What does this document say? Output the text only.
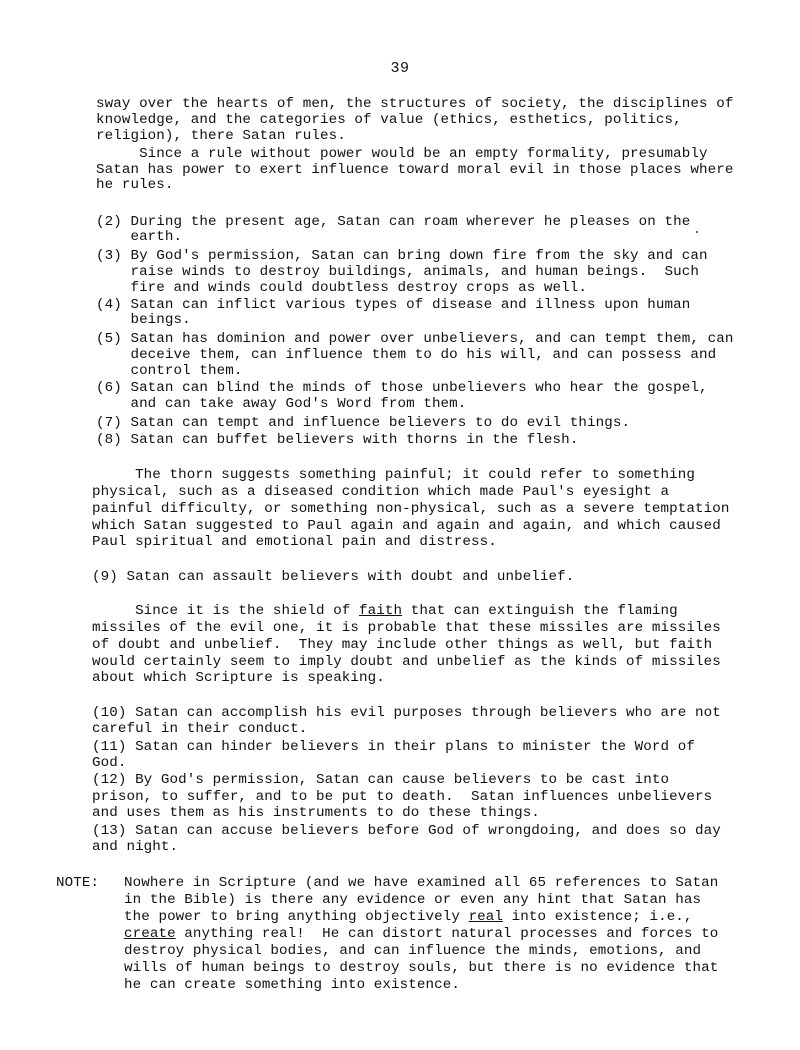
39
sway over the hearts of men, the structures of society, the disciplines of
knowledge, and the categories of value (ethics, esthetics, politics,
religion), there Satan rules.
Since a rule without power would be an empty formality, presumably
Satan has power to exert influence toward moral evil in those places where
he rules.
(2) During the present age, Satan can roam wherever he pleases on the
earth.
(3) By God's permission, Satan can bring down fire from the sky and can
raise winds to destroy buildings, animals, and human beings.  Such
fire and winds could doubtless destroy crops as well.
(4) Satan can inflict various types of disease and illness upon human
beings.
(5) Satan has dominion and power over unbelievers, and can tempt them, can
deceive them, can influence them to do his will, and can possess and
control them.
(6) Satan can blind the minds of those unbelievers who hear the gospel,
and can take away God's Word from them.
(7) Satan can tempt and influence believers to do evil things.
(8) Satan can buffet believers with thorns in the flesh.
The thorn suggests something painful; it could refer to something
physical, such as a diseased condition which made Paul's eyesight a
painful difficulty, or something non-physical, such as a severe temptation
which Satan suggested to Paul again and again and again, and which caused
Paul spiritual and emotional pain and distress.
(9) Satan can assault believers with doubt and unbelief.
Since it is the shield of faith that can extinguish the flaming
missiles of the evil one, it is probable that these missiles are missiles
of doubt and unbelief.  They may include other things as well, but faith
would certainly seem to imply doubt and unbelief as the kinds of missiles
about which Scripture is speaking.
(10) Satan can accomplish his evil purposes through believers who are not
careful in their conduct.
(11) Satan can hinder believers in their plans to minister the Word of
God.
(12) By God's permission, Satan can cause believers to be cast into
prison, to suffer, and to be put to death.  Satan influences unbelievers
and uses them as his instruments to do these things.
(13) Satan can accuse believers before God of wrongdoing, and does so day
and night.
NOTE: Nowhere in Scripture (and we have examined all 65 references to Satan
in the Bible) is there any evidence or even any hint that Satan has
the power to bring anything objectively real into existence; i.e.,
create anything real!  He can distort natural processes and forces to
destroy physical bodies, and can influence the minds, emotions, and
wills of human beings to destroy souls, but there is no evidence that
he can create something into existence.
